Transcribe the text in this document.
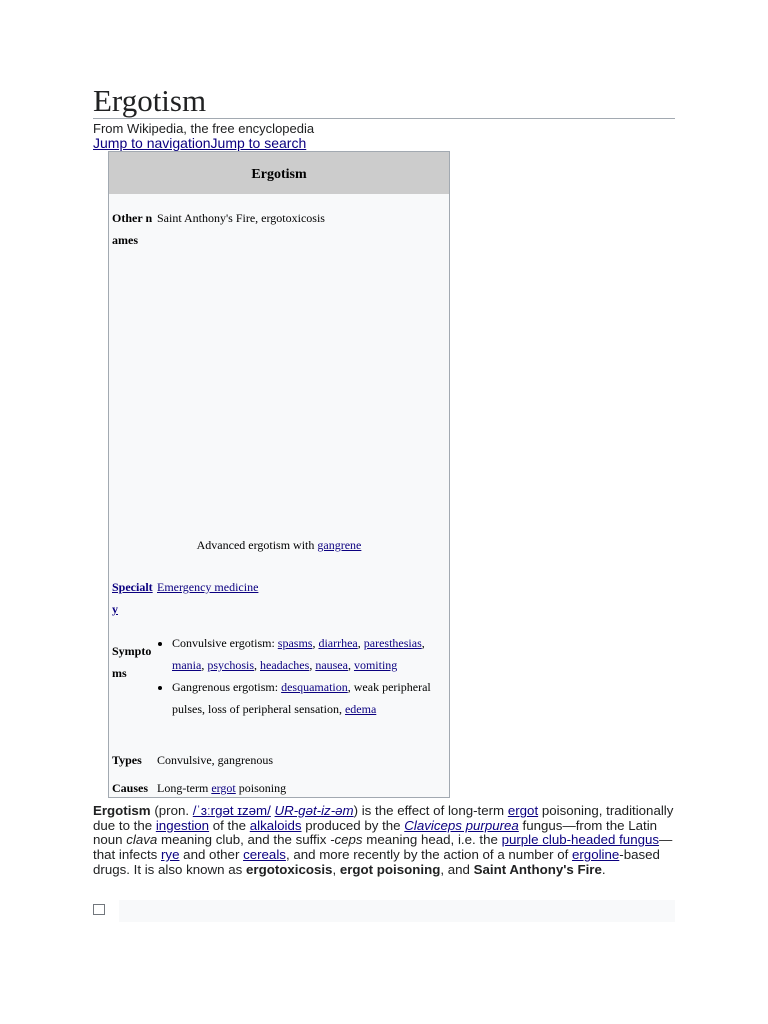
Ergotism
From Wikipedia, the free encyclopedia
Jump to navigationJump to search
Ergotism
Other names
Saint Anthony's Fire, ergotoxicosis
Advanced ergotism with gangrene
Specialty
Emergency medicine
Symptoms
• Convulsive ergotism: spasms, diarrhea, paresthesias, mania, psychosis, headaches, nausea, vomiting
• Gangrenous ergotism: desquamation, weak peripheral pulses, loss of peripheral sensation, edema
Types	Convulsive, gangrenous
Causes Long-term ergot poisoning

Ergotism (pron. /ˈɜːrɡət ɪzəm/ UR-gət-iz-əm) is the effect of long-term ergot poisoning, traditionally due to the ingestion of the alkaloids produced by the Claviceps purpurea fungus—from the Latin noun clava meaning club, and the suffix -ceps meaning head, i.e. the purple club-headed fungus—that infects rye and other cereals, and more recently by the action of a number of ergoline-based drugs. It is also known as ergotoxicosis, ergot poisoning, and Saint Anthony's Fire.
